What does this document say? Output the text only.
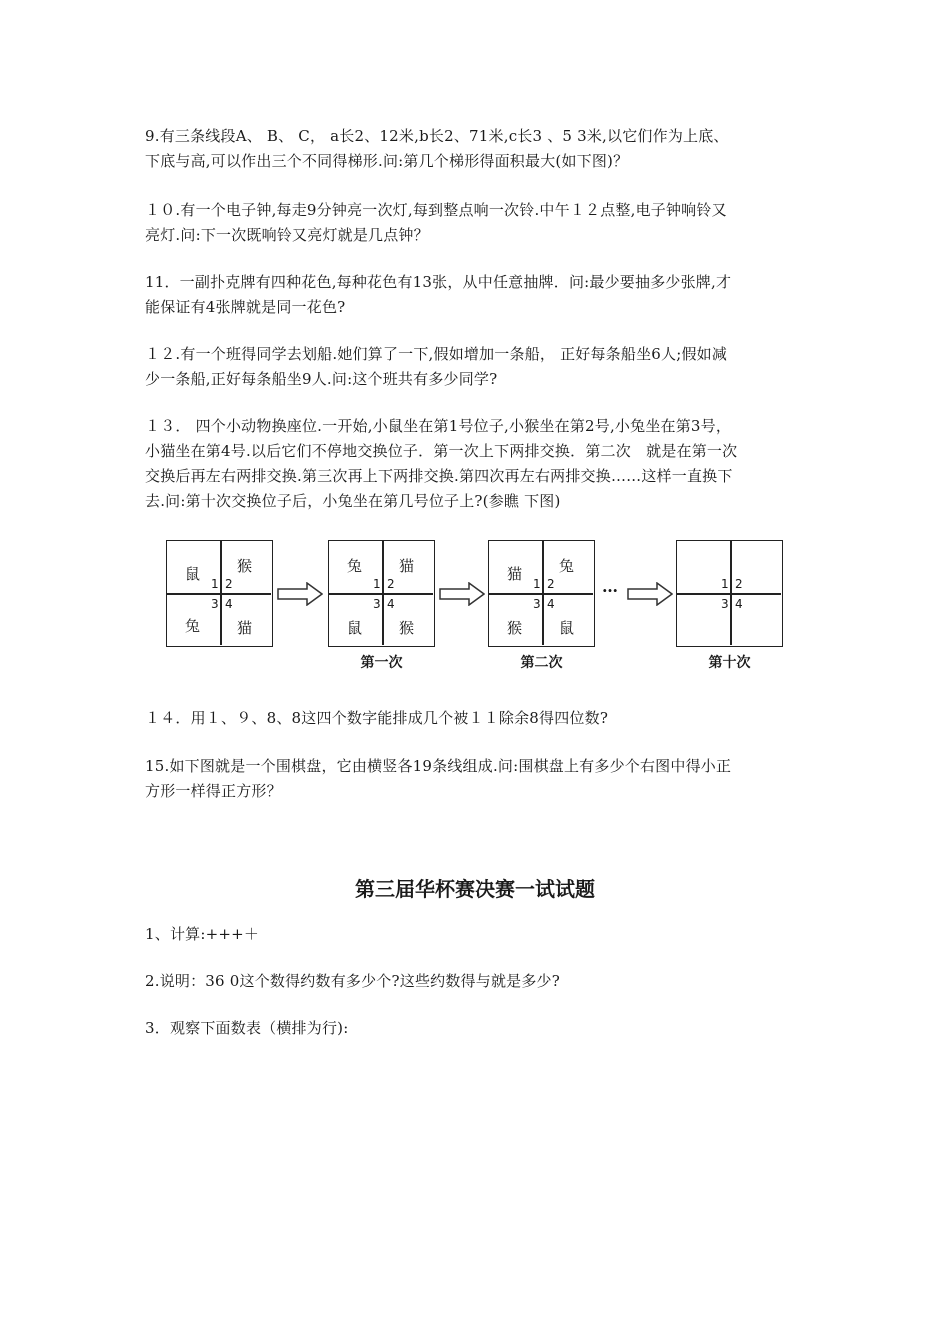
9.有三条线段A、 B、 C， a长2、12米,b长2、71米,c长3 、5 3米,以它们作为上底、
下底与高,可以作出三个不同得梯形.问:第几个梯形得面积最大(如下图)？

１０.有一个电子钟,每走9分钟亮一次灯,每到整点响一次铃.中午１２点整,电子钟响铃又
亮灯.问:下一次既响铃又亮灯就是几点钟？

11．一副扑克牌有四种花色,每种花色有13张，从中任意抽牌．问:最少要抽多少张牌,才
能保证有4张牌就是同一花色?

１２.有一个班得同学去划船.她们算了一下,假如增加一条船， 正好每条船坐6人;假如减
少一条船,正好每条船坐9人.问:这个班共有多少同学?

１３． 四个小动物换座位.一开始,小鼠坐在第1号位子,小猴坐在第2号,小兔坐在第3号，
小猫坐在第4号.以后它们不停地交换位子．第一次上下两排交换．第二次　就是在第一次
交换后再左右两排交换.第三次再上下两排交换.第四次再左右两排交换……这样一直换下
去.问:第十次交换位子后，小兔坐在第几号位子上?(参瞧 下图)

鼠 猴
兔 猫
1 2
3 4
兔 猫
鼠 猴
1 2
3 4
第一次
猫 兔
猴 鼠
1 2
3 4
第二次
…	1 2
3 4
第十次

１４．用１、９、8、8这四个数字能排成几个被１１除余8得四位数?

15.如下图就是一个围棋盘，它由横竖各19条线组成.问:围棋盘上有多少个右图中得小正
方形一样得正方形？

第三届华杯赛决赛一试试题

1、计算:+++＋

2.说明：36 0这个数得约数有多少个?这些约数得与就是多少?

3．观察下面数表（横排为行):
